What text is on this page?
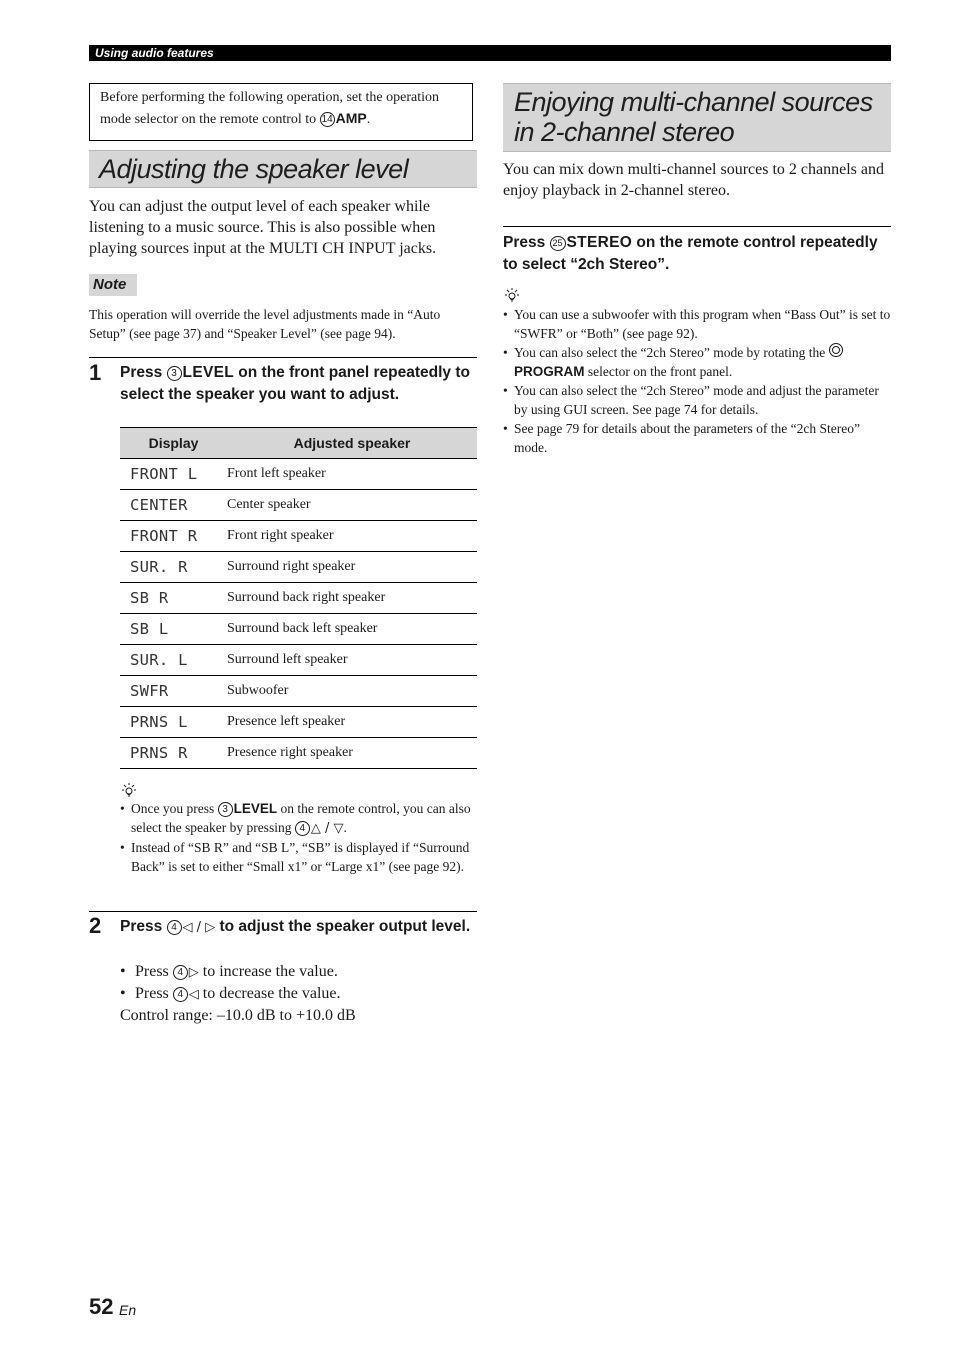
Using audio features
Before performing the following operation, set the operation mode selector on the remote control to 14 AMP.
Adjusting the speaker level
You can adjust the output level of each speaker while listening to a music source. This is also possible when playing sources input at the MULTI CH INPUT jacks.
Note
This operation will override the level adjustments made in “Auto Setup” (see page 37) and “Speaker Level” (see page 94).
1 Press 3 LEVEL on the front panel repeatedly to select the speaker you want to adjust.
Display	Adjusted speaker
FRONT L	Front left speaker
CENTER	Center speaker
FRONT R	Front right speaker
SUR. R	Surround right speaker
SB R	Surround back right speaker
SB L	Surround back left speaker
SUR. L	Surround left speaker
SWFR	Subwoofer
PRNS L	Presence left speaker
PRNS R	Presence right speaker
• Once you press 3 LEVEL on the remote control, you can also select the speaker by pressing 4 △ / ▽.
• Instead of “SB R” and “SB L”, “SB” is displayed if “Surround Back” is set to either “Small x1” or “Large x1” (see page 92).
2 Press 4 ◁ / ▷ to adjust the speaker output level.
• Press 4 ▷ to increase the value.
• Press 4 ◁ to decrease the value.
Control range: –10.0 dB to +10.0 dB
Enjoying multi-channel sources in 2-channel stereo
You can mix down multi-channel sources to 2 channels and enjoy playback in 2-channel stereo.
Press 25 STEREO on the remote control repeatedly to select “2ch Stereo”.
• You can use a subwoofer with this program when “Bass Out” is set to “SWFR” or “Both” (see page 92).
• You can also select the “2ch Stereo” mode by rotating the PROGRAM selector on the front panel.
• You can also select the “2ch Stereo” mode and adjust the parameter by using GUI screen. See page 74 for details.
• See page 79 for details about the parameters of the “2ch Stereo” mode.
52 En
